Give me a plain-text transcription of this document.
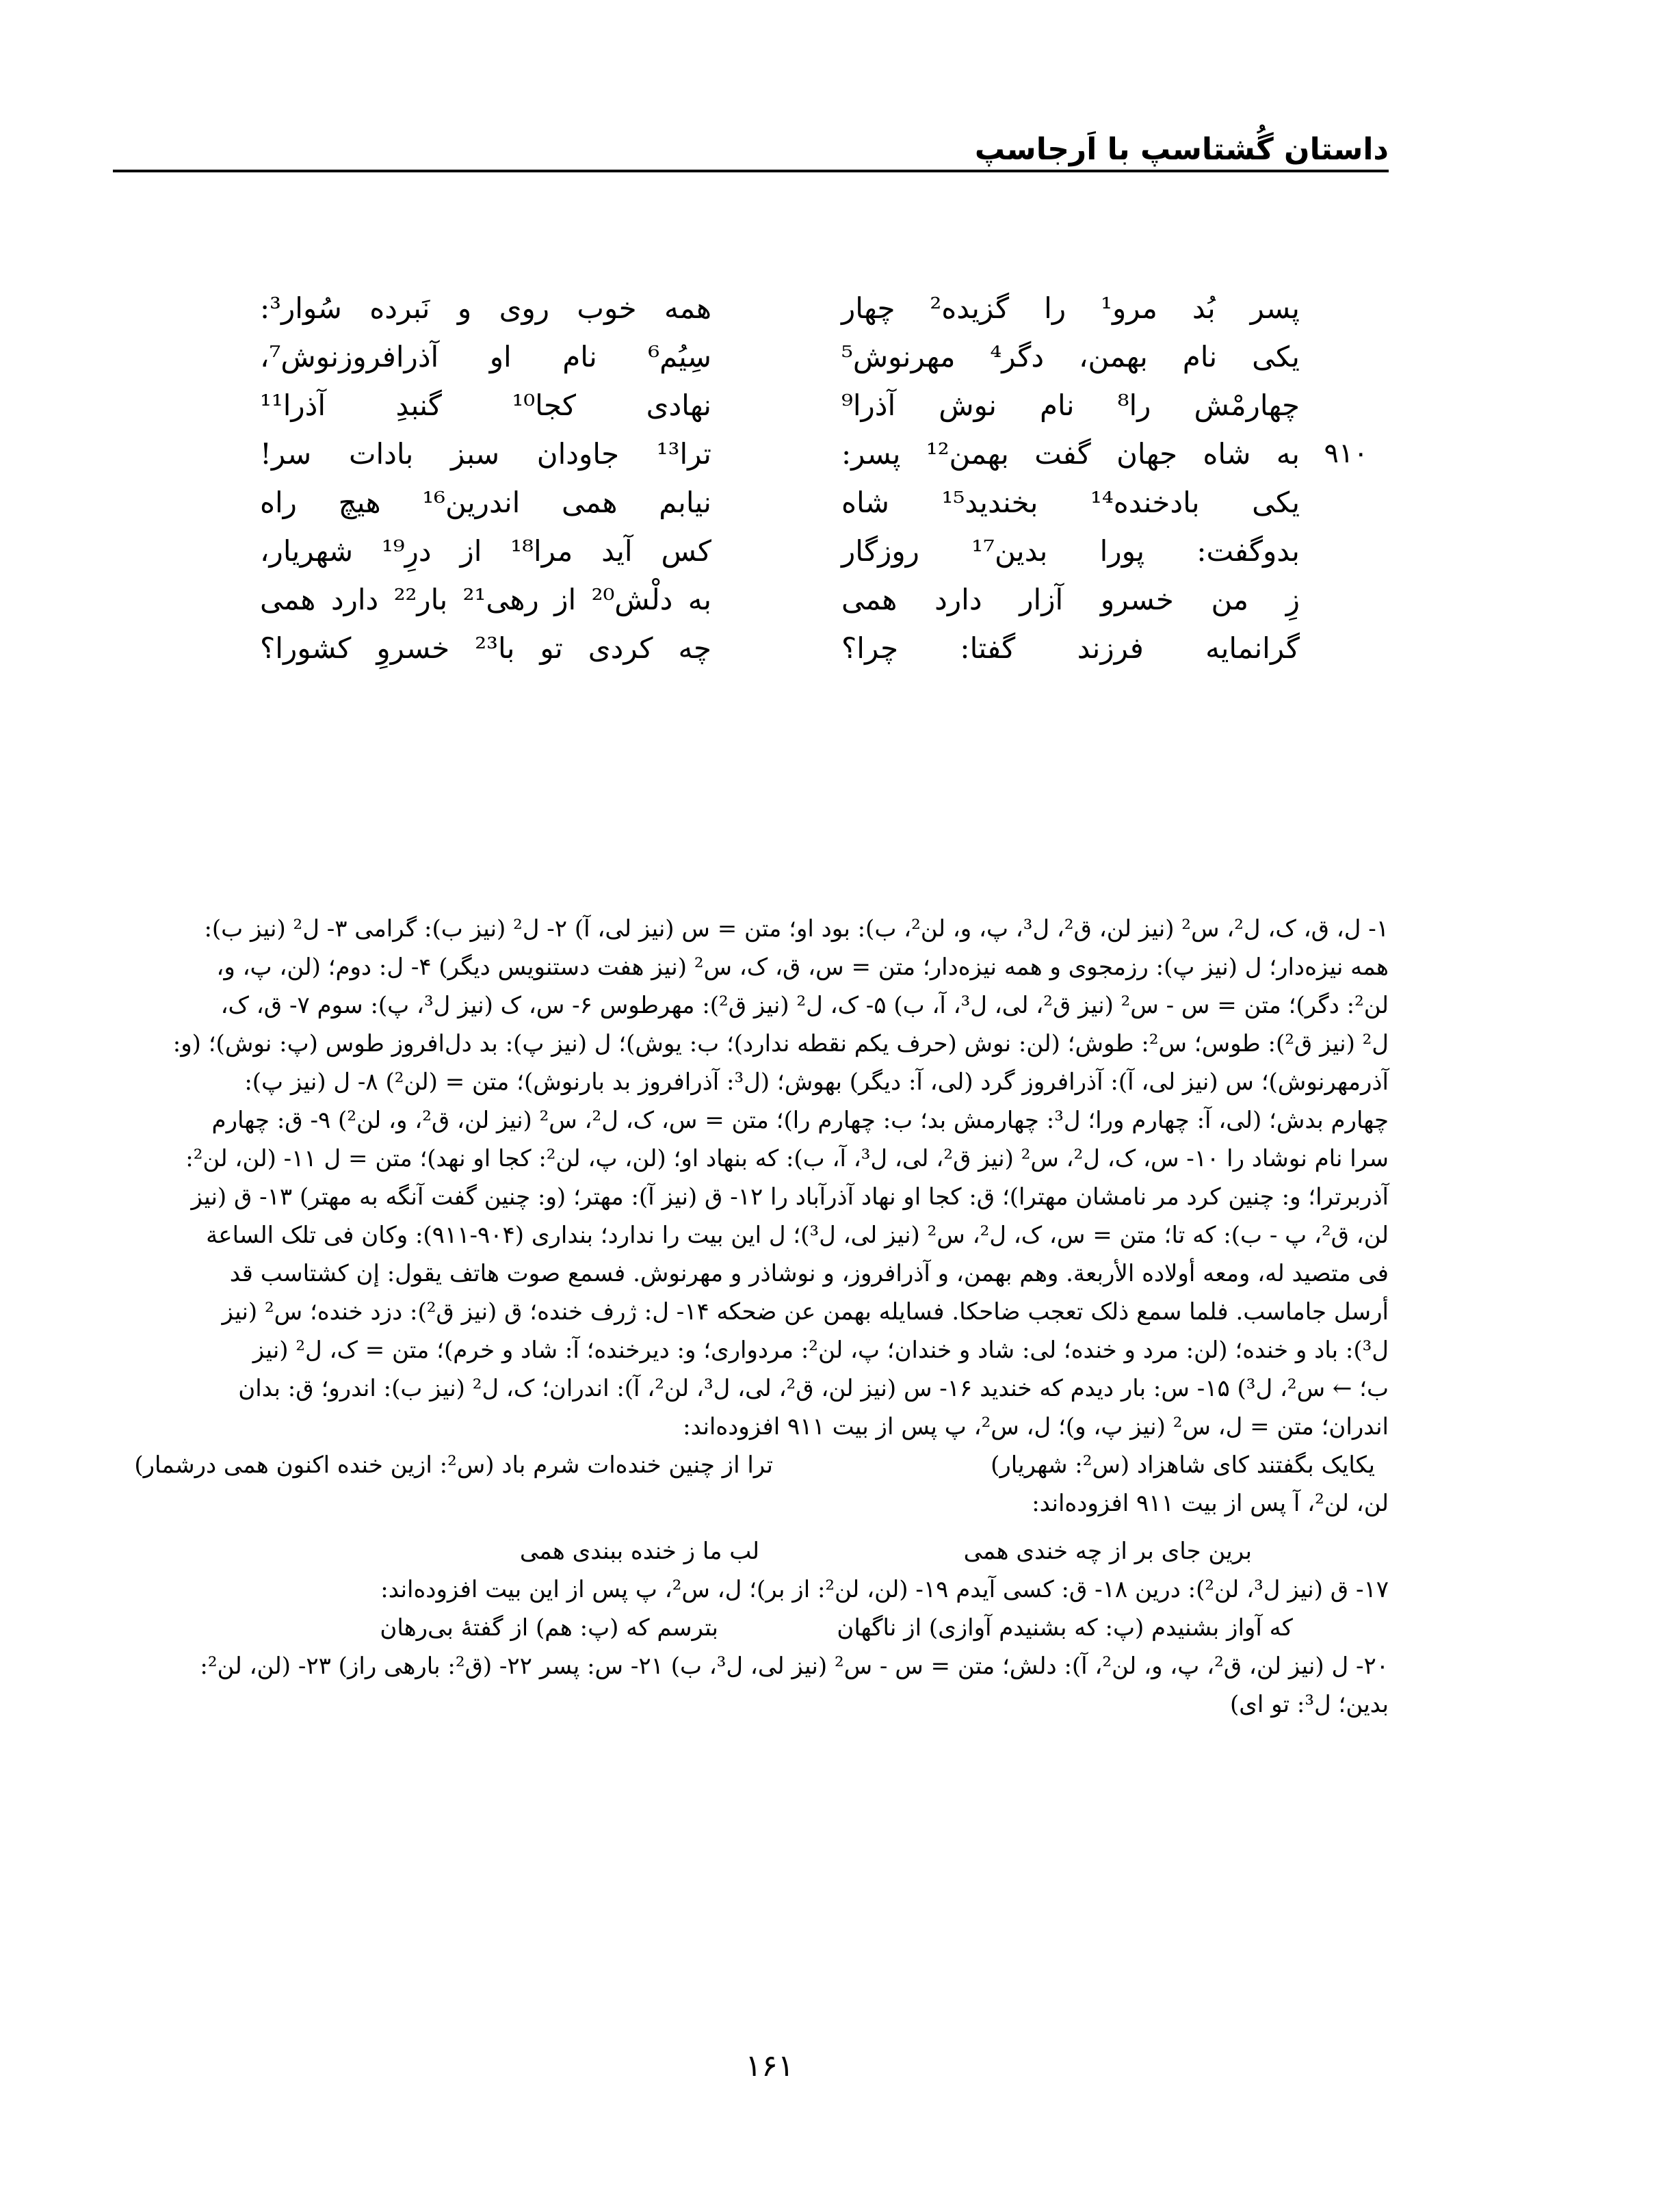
داستان گُشتاسپ با اَرجاسپ
پسر بُد مرو¹ را گزیده² چهار
همه خوب روی و نَبرده سُوار³:
یکی نام بهمن، دگر⁴ مهرنوش⁵
سِیُم⁶ نام او آذرافروزنوش⁷،
چهارمْش را⁸ نام نوش آذرا⁹
نهادی کجا¹⁰ گنبدِ آذرا¹¹
۹۱۰
به شاه جهان گفت بهمن¹² پسر:
ترا¹³ جاودان سبز بادات سر!
یکی بادخنده¹⁴ بخندید¹⁵ شاه
نیابم همی اندرین¹⁶ هیچ راه
بدوگفت: پورا بدین¹⁷ روزگار
کس آید مرا¹⁸ از درِ¹⁹ شهریار،
زِ من خسرو آزار دارد همی
به دلْش²⁰ از رهی²¹ بار²² دارد همی
گرانمایه فرزند گفتا: چرا؟
چه کردی تو با²³ خسروِ کشورا؟

۱- ل، ق، ک، ل²، س² (نیز لن، ق²، ل³، پ، و، لن²، ب): بود او؛ متن = س (نیز لی، آ) ۲- ل² (نیز ب): گرامی ۳- ل² (نیز ب):

همه نیزه‌دار؛ ل (نیز پ): رزمجوی و همه نیزه‌دار؛ متن = س، ق، ک، س² (نیز هفت دستنویس دیگر) ۴- ل: دوم؛ (لن، پ، و،

لن²: دگر)؛ متن = س - س² (نیز ق²، لی، ل³، آ، ب) ۵- ک، ل² (نیز ق²): مهرطوس ۶- س، ک (نیز ل³، پ): سوم ۷- ق، ک،

ل² (نیز ق²): طوس؛ س²: طوش؛ (لن: نوش (حرف یکم نقطه ندارد)؛ ب: یوش)؛ ل (نیز پ): بد دل‌افروز طوس (پ: نوش)؛ (و:

آذرمهرنوش)؛ س (نیز لی، آ): آذرافروز گرد (لی، آ: دیگر) بهوش؛ (ل³: آذرافروز بد بارنوش)؛ متن = (لن²) ۸- ل (نیز پ):

چهارم بدش؛ (لی، آ: چهارم ورا؛ ل³: چهارمش بد؛ ب: چهارم را)؛ متن = س، ک، ل²، س² (نیز لن، ق²، و، لن²) ۹- ق: چهارم

سرا نام نوشاد را ۱۰- س، ک، ل²، س² (نیز ق²، لی، ل³، آ، ب): که بنهاد او؛ (لن، پ، لن²: کجا او نهد)؛ متن = ل ۱۱- (لن، لن²:

آذربرترا؛ و: چنین کرد مر نامشان مهترا)؛ ق: کجا او نهاد آذرآباد را ۱۲- ق (نیز آ): مهتر؛ (و: چنین گفت آنگه به مهتر) ۱۳- ق (نیز

لن، ق²، پ - ب): که تا؛ متن = س، ک، ل²، س² (نیز لی، ل³)؛ ل این بیت را ندارد؛ بنداری (۹۰۴-۹۱۱): وکان فی تلک الساعة

فی متصید له، ومعه أولاده الأربعة. وهم بهمن، و آذرافروز، و نوشاذر و مهرنوش. فسمع صوت هاتف یقول: إن کشتاسب قد

أرسل جاماسب. فلما سمع ذلک تعجب ضاحکا. فسایله بهمن عن ضحکه ۱۴- ل: ژرف خنده؛ ق (نیز ق²): دزد خنده؛ س² (نیز

ل³): باد و خنده؛ (لن: مرد و خنده؛ لی: شاد و خندان؛ پ، لن²: مردواری؛ و: دیرخنده؛ آ: شاد و خرم)؛ متن = ک، ل² (نیز

ب؛ ← س²، ل³) ۱۵- س: بار دیدم که خندید ۱۶- س (نیز لن، ق²، لی، ل³، لن²، آ): اندران؛ ک، ل² (نیز ب): اندرو؛ ق: بدان

اندران؛ متن = ل، س² (نیز پ، و)؛ ل، س²، پ پس از بیت ۹۱۱ افزوده‌اند:

یکایک بگفتند کای شاهزاد (س²: شهریار)
ترا از چنین خنده‌ات شرم باد (س²: ازین خنده اکنون همی درشمار)

لن، لن²، آ پس از بیت ۹۱۱ افزوده‌اند:

برین جای بر از چه خندی همی
لب ما ز خنده ببندی همی

۱۷- ق (نیز ل³، لن²): درین ۱۸- ق: کسی آیدم ۱۹- (لن، لن²: از بر)؛ ل، س²، پ پس از این بیت افزوده‌اند:

که آواز بشنیدم (پ: که بشنیدم آوازی) از ناگهان
بترسم که (پ: هم) از گفتهٔ بی‌رهان

۲۰- ل (نیز لن، ق²، پ، و، لن²، آ): دلش؛ متن = س - س² (نیز لی، ل³، ب) ۲۱- س: پسر ۲۲- (ق²: بارهی راز) ۲۳- (لن، لن²:

بدین؛ ل³: تو ای)

۱۶۱
